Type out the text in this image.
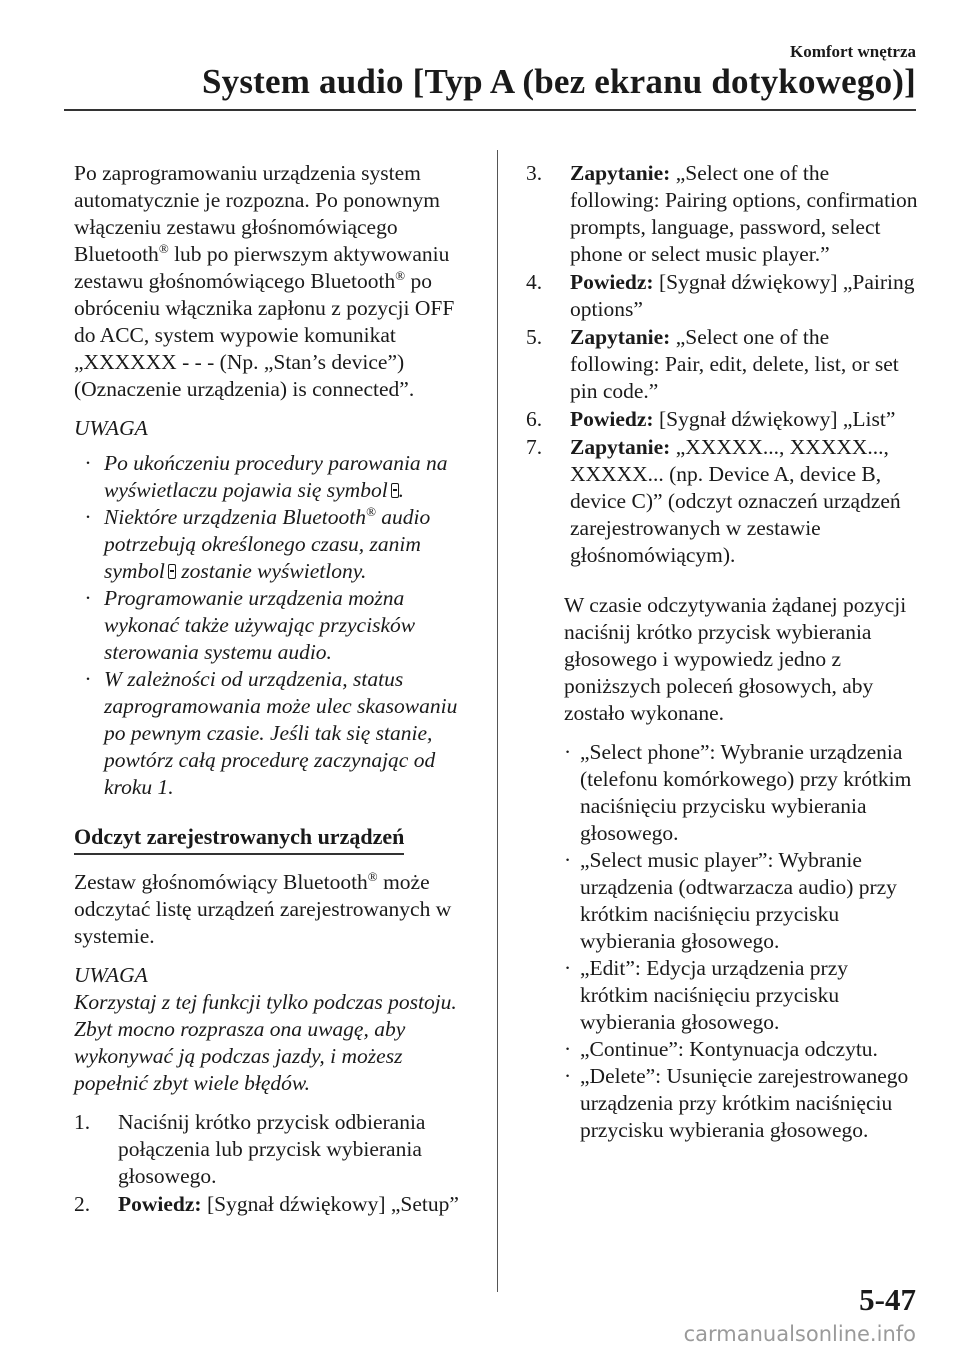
Komfort wnętrza
System audio [Typ A (bez ekranu dotykowego)]

Po zaprogramowaniu urządzenia system automatycznie je rozpozna. Po ponownym włączeniu zestawu głośnomówiącego Bluetooth® lub po pierwszym aktywowaniu zestawu głośnomówiącego Bluetooth® po obróceniu włącznika zapłonu z pozycji OFF do ACC, system wypowie komunikat „XXXXXX - - - (Np. „Stan’s device”) (Oznaczenie urządzenia) is connected”.

UWAGA
· Po ukończeniu procedury parowania na wyświetlaczu pojawia się symbol .
· Niektóre urządzenia Bluetooth® audio potrzebują określonego czasu, zanim symbol zostanie wyświetlony.
· Programowanie urządzenia można wykonać także używając przycisków sterowania systemu audio.
· W zależności od urządzenia, status zaprogramowania może ulec skasowaniu po pewnym czasie. Jeśli tak się stanie, powtórz całą procedurę zaczynając od kroku 1.
Odczyt zarejestrowanych urządzeń

Zestaw głośnomówiący Bluetooth® może odczytać listę urządzeń zarejestrowanych w systemie.

UWAGA

Korzystaj z tej funkcji tylko podczas postoju. Zbyt mocno rozprasza ona uwagę, aby wykonywać ją podczas jazdy, i możesz popełnić zbyt wiele błędów.

1. Naciśnij krótko przycisk odbierania połączenia lub przycisk wybierania głosowego.
2. Powiedz: [Sygnał dźwiękowy] „Setup”
3. Zapytanie: „Select one of the following: Pairing options, confirmation prompts, language, password, select phone or select music player.”
4. Powiedz: [Sygnał dźwiękowy] „Pairing options”
5. Zapytanie: „Select one of the following: Pair, edit, delete, list, or set pin code.”
6. Powiedz: [Sygnał dźwiękowy] „List”
7. Zapytanie: „XXXXX..., XXXXX..., XXXXX... (np. Device A, device B, device C)” (odczyt oznaczeń urządzeń zarejestrowanych w zestawie głośnomówiącym).

W czasie odczytywania żądanej pozycji naciśnij krótko przycisk wybierania głosowego i wypowiedz jedno z poniższych poleceń głosowych, aby zostało wykonane.

· „Select phone”: Wybranie urządzenia (telefonu komórkowego) przy krótkim naciśnięciu przycisku wybierania głosowego.
· „Select music player”: Wybranie urządzenia (odtwarzacza audio) przy krótkim naciśnięciu przycisku wybierania głosowego.
· „Edit”: Edycja urządzenia przy krótkim naciśnięciu przycisku wybierania głosowego.
· „Continue”: Kontynuacja odczytu.
· „Delete”: Usunięcie zarejestrowanego urządzenia przy krótkim naciśnięciu przycisku wybierania głosowego.
5-47
carmanualsonline.info
